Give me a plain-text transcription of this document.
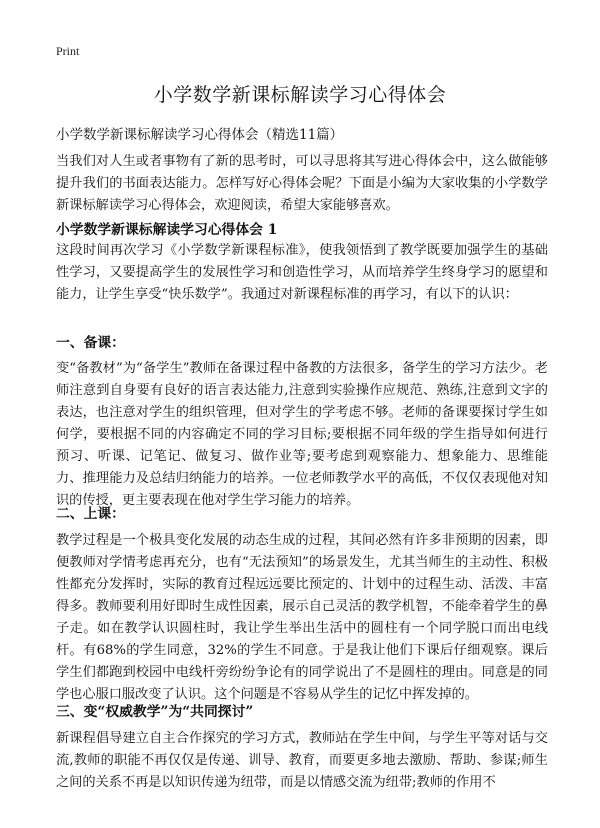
Print
小学数学新课标解读学习心得体会

小学数学新课标解读学习心得体会（精选11篇）

当我们对人生或者事物有了新的思考时，可以寻思将其写进心得体会中，这么做能够提升我们的书面表达能力。怎样写好心得体会呢？下面是小编为大家收集的小学数学新课标解读学习心得体会，欢迎阅读，希望大家能够喜欢。

小学数学新课标解读学习心得体会 1

这段时间再次学习《小学数学新课程标准》，使我领悟到了教学既要加强学生的基础性学习，又要提高学生的发展性学习和创造性学习，从而培养学生终身学习的愿望和能力，让学生享受“快乐数学”。我通过对新课程标准的再学习，有以下的认识：

一、备课：

变“备教材”为“备学生”教师在备课过程中备教的方法很多，备学生的学习方法少。老师注意到自身要有良好的语言表达能力,注意到实验操作应规范、熟练,注意到文字的表达，也注意对学生的组织管理，但对学生的学考虑不够。老师的备课要探讨学生如何学，要根据不同的内容确定不同的学习目标;要根据不同年级的学生指导如何进行预习、听课、记笔记、做复习、做作业等;要考虑到观察能力、想象能力、思维能力、推理能力及总结归纳能力的培养。一位老师教学水平的高低，不仅仅表现他对知识的传授，更主要表现在他对学生学习能力的培养。

二、上课：

教学过程是一个极具变化发展的动态生成的过程，其间必然有许多非预期的因素，即便教师对学情考虑再充分，也有“无法预知”的场景发生，尤其当师生的主动性、积极性都充分发挥时，实际的教育过程远远要比预定的、计划中的过程生动、活泼、丰富得多。教师要利用好即时生成性因素，展示自己灵活的教学机智，不能牵着学生的鼻子走。如在教学认识圆柱时，我让学生举出生活中的圆柱有一个同学脱口而出电线杆。有68%的学生同意，32%的学生不同意。于是我让他们下课后仔细观察。课后学生们都跑到校园中电线杆旁纷纷争论有的同学说出了不是圆柱的理由。同意是的同学也心服口服改变了认识。这个问题是不容易从学生的记忆中挥发掉的。

三、变“权威教学”为“共同探讨”

新课程倡导建立自主合作探究的学习方式，教师站在学生中间，与学生平等对话与交流,教师的职能不再仅仅是传递、训导、教育，而要更多地去激励、帮助、参谋;师生之间的关系不再是以知识传递为纽带，而是以情感交流为纽带;教师的作用不
